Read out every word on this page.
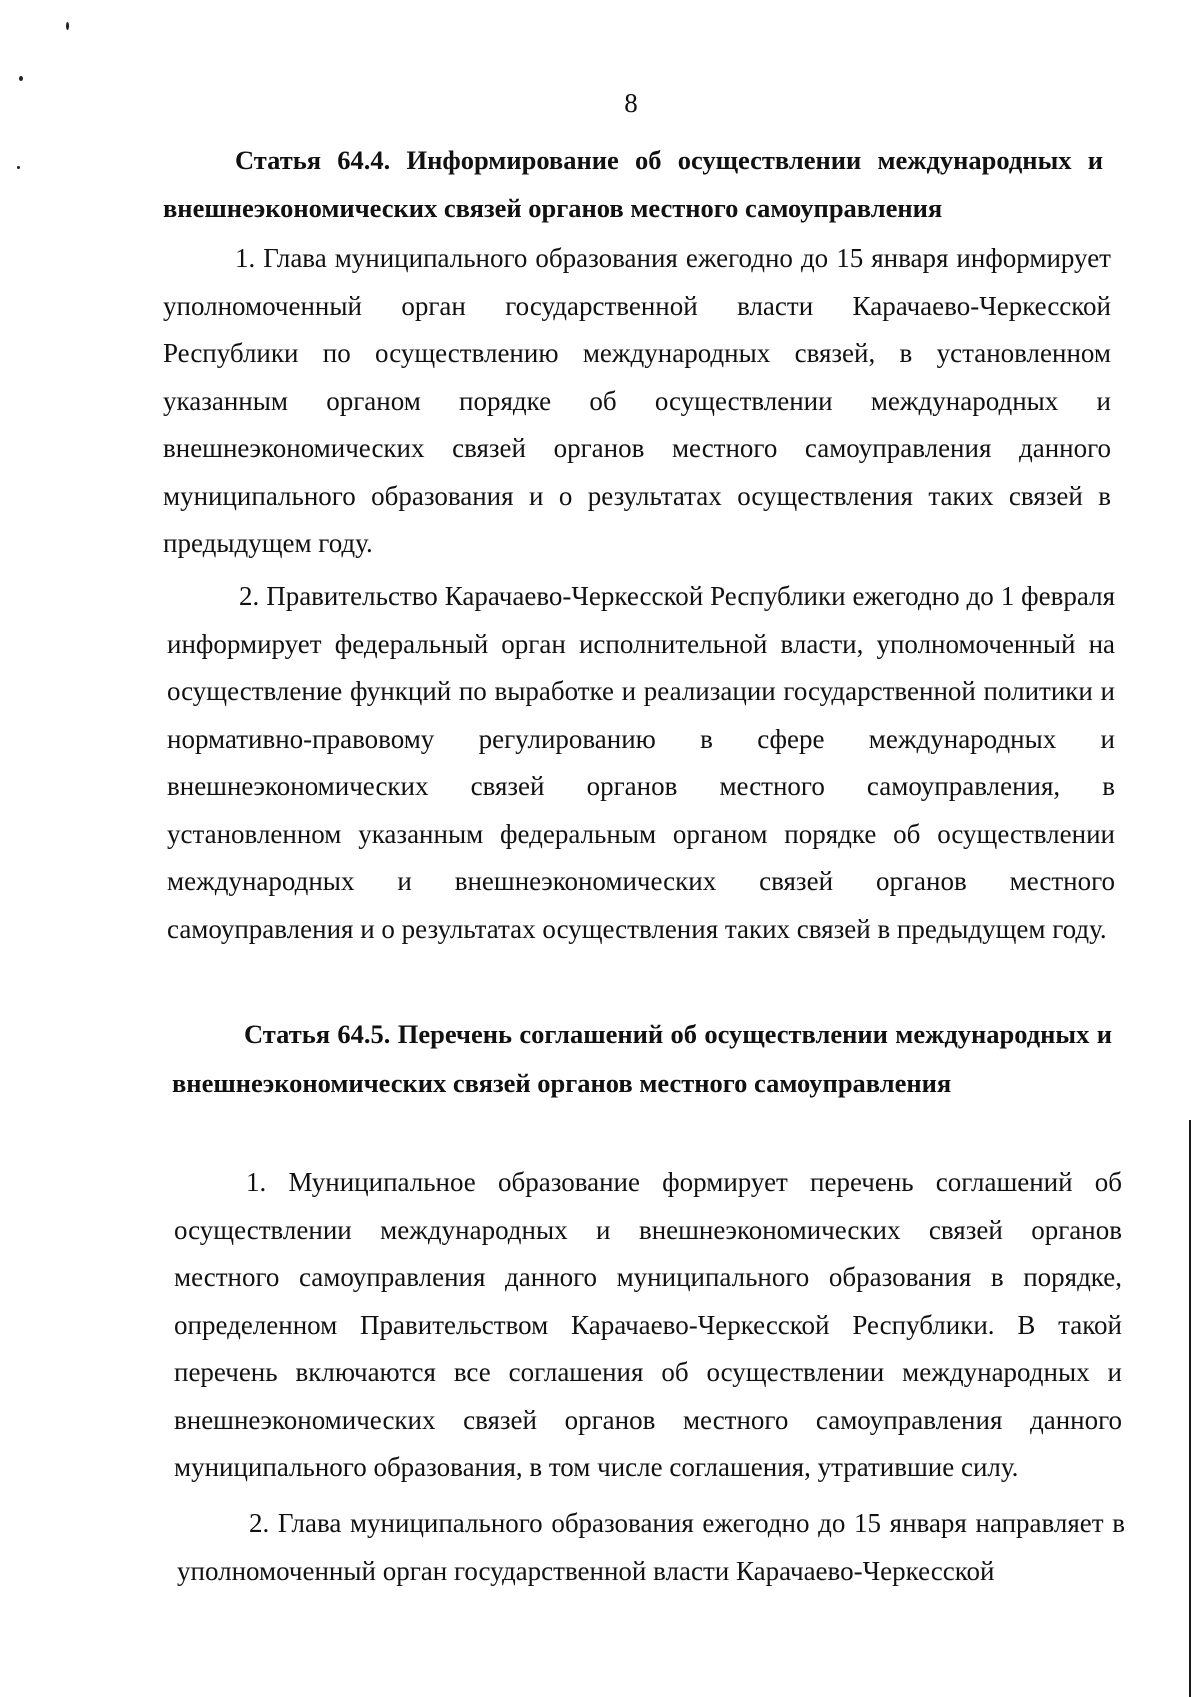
8
Статья 64.4. Информирование об осуществлении международных и внешнеэкономических связей органов местного самоуправления
1. Глава муниципального образования ежегодно до 15 января информирует уполномоченный орган государственной власти Карачаево-Черкесской Республики по осуществлению международных связей, в установленном указанным органом порядке об осуществлении международных и внешнеэкономических связей органов местного самоуправления данного муниципального образования и о результатах осуществления таких связей в предыдущем году.
2. Правительство Карачаево-Черкесской Республики ежегодно до 1 февраля информирует федеральный орган исполнительной власти, уполномоченный на осуществление функций по выработке и реализации государственной политики и нормативно-правовому регулированию в сфере международных и внешнеэкономических связей органов местного самоуправления, в установленном указанным федеральным органом порядке об осуществлении международных и внешнеэкономических связей органов местного самоуправления и о результатах осуществления таких связей в предыдущем году.
Статья 64.5. Перечень соглашений об осуществлении международных и внешнеэкономических связей органов местного самоуправления
1. Муниципальное образование формирует перечень соглашений об осуществлении международных и внешнеэкономических связей органов местного самоуправления данного муниципального образования в порядке, определенном Правительством Карачаево-Черкесской Республики. В такой перечень включаются все соглашения об осуществлении международных и внешнеэкономических связей органов местного самоуправления данного муниципального образования, в том числе соглашения, утратившие силу.
2. Глава муниципального образования ежегодно до 15 января направляет в уполномоченный орган государственной власти Карачаево-Черкесской
